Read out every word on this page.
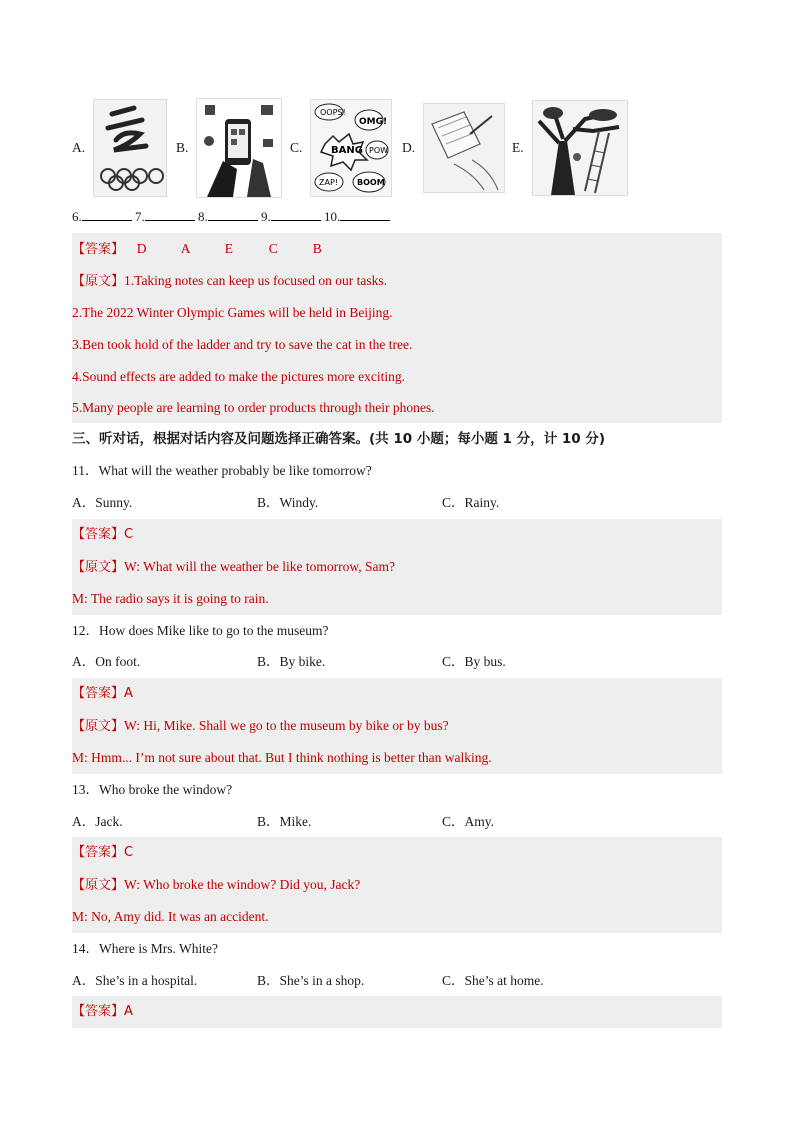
A.	B.	C.
OOPS!
OMG!
BANG POW
ZAP! BOOM
D.	E.
6.	7.	8.	9.	10.
【答案】 D	A	E	C	B
【原文】1.Taking notes can keep us focused on our tasks.
2.The 2022 Winter Olympic Games will be held in Beijing.
3.Ben took hold of the ladder and try to save the cat in the tree.
4.Sound effects are added to make the pictures more exciting.
5.Many people are learning to order products through their phones.
三、听对话，根据对话内容及问题选择正确答案。(共 10 小题；每小题 1 分，计 10 分)
11．What will the weather probably be like tomorrow?
A．Sunny.	B．Windy.	C．Rainy.
【答案】C
【原文】W: What will the weather be like tomorrow, Sam?
M: The radio says it is going to rain.
12．How does Mike like to go to the museum?
A．On foot.	B．By bike.	C．By bus.
【答案】A
【原文】W: Hi, Mike. Shall we go to the museum by bike or by bus?
M: Hmm... I’m not sure about that. But I think nothing is better than walking.
13．Who broke the window?
A．Jack.	B．Mike.	C．Amy.
【答案】C
【原文】W: Who broke the window? Did you, Jack?
M: No, Amy did. It was an accident.
14．Where is Mrs. White?
A．She’s in a hospital.	B．She’s in a shop.	C．She’s at home.
【答案】A
